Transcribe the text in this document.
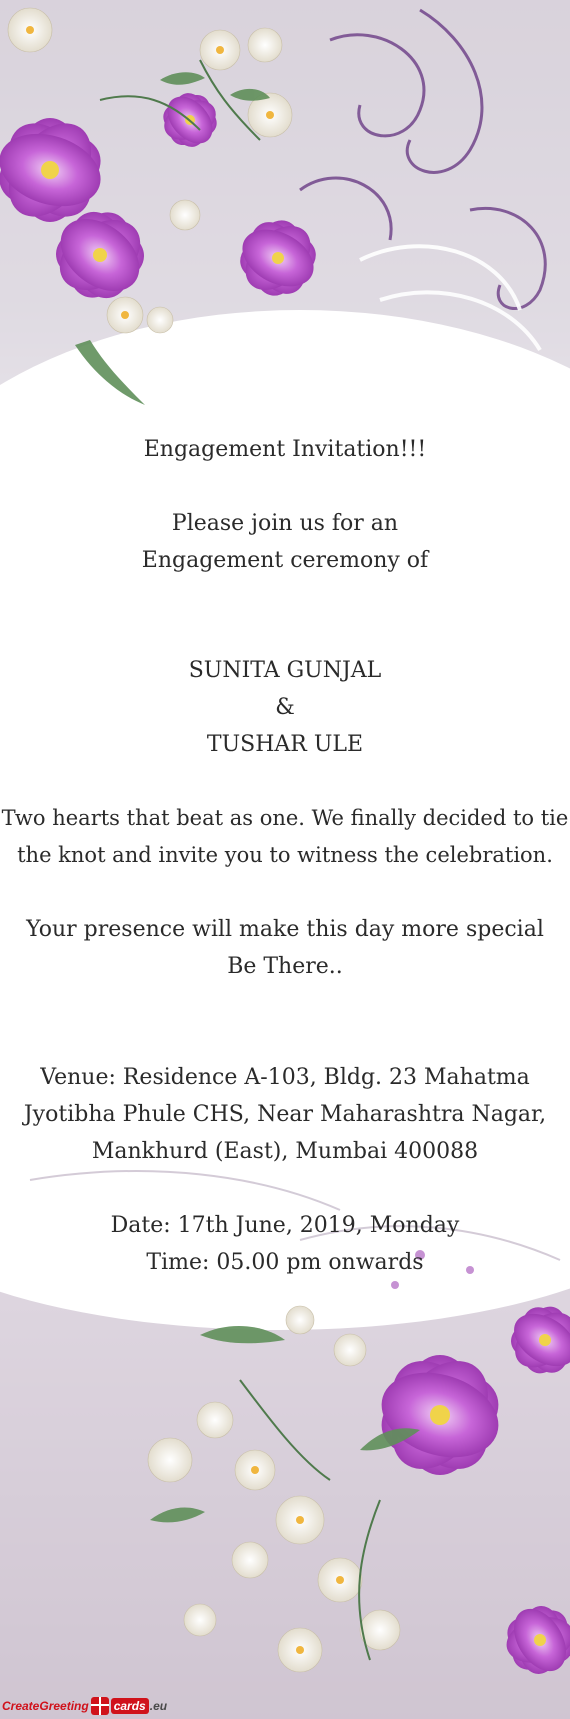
Engagement Invitation!!!
Please join us for an
Engagement ceremony of
SUNITA GUNJAL
&
TUSHAR ULE
Two hearts that beat as one. We finally decided to tie
the knot and invite you to witness the celebration.
Your presence will make this day more special
Be There..
Venue: Residence A-103, Bldg. 23 Mahatma
Jyotibha Phule CHS, Near Maharashtra Nagar,
Mankhurd (East), Mumbai 400088
Date: 17th June, 2019, Monday
Time: 05.00 pm onwards
CreateGreeting cards .eu
